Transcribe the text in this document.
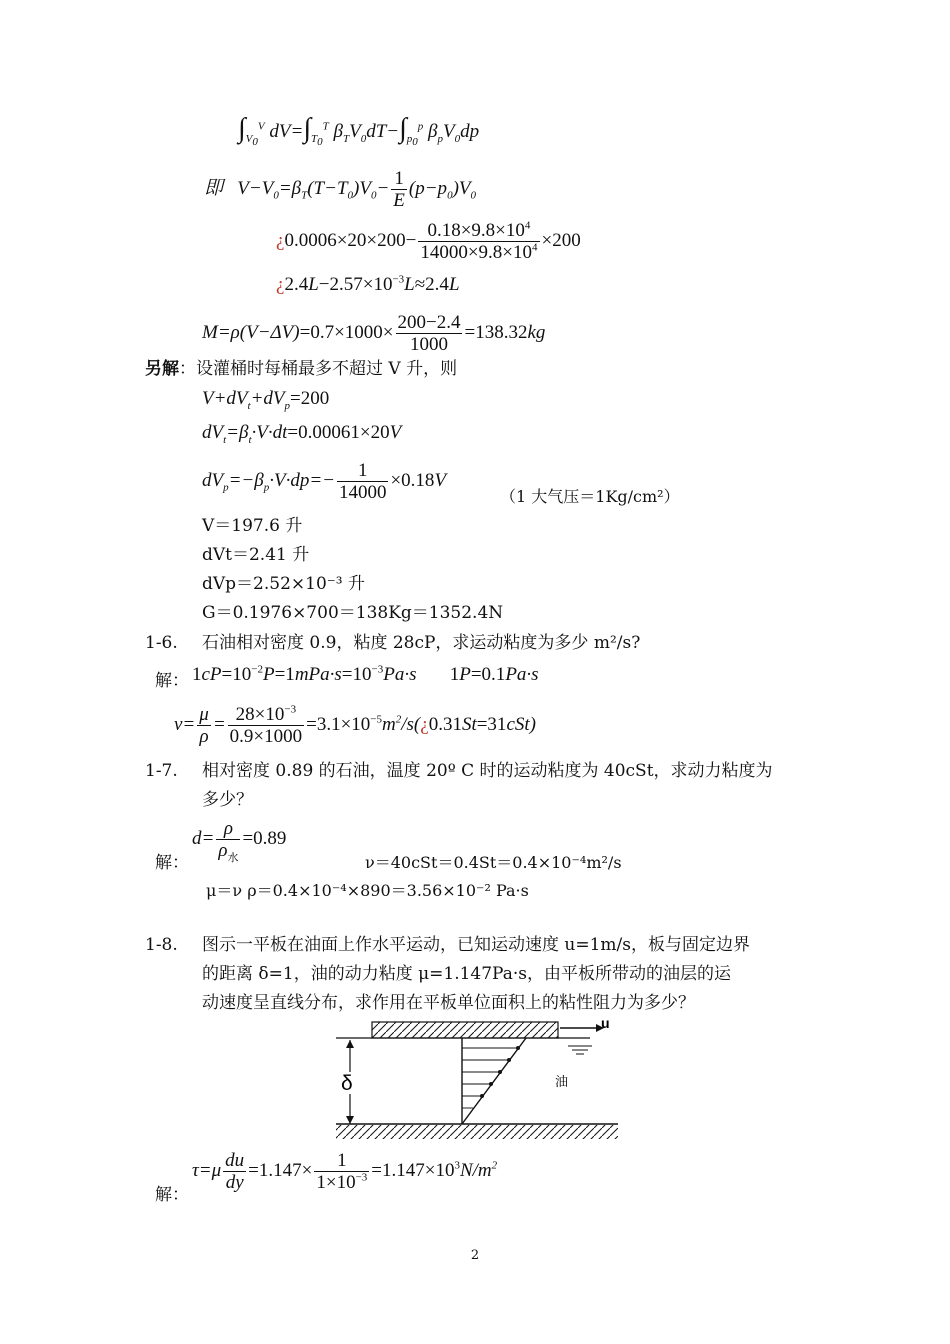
$\int_{V_0}^V$ $dV=\int_{T_0}^T$ $\beta_TV_0dT-\int_{p_0}^p$ $\beta_pV_0dp$
即   $V-V_0=\beta_T(T-T_0)V_0- \frac{1}{E} (p-p_0)V_0$
¿$0.0006\times 20\times 200- \frac{0.18\times 9.8\times 10^4}{14000\times 9.8\times 10^4} \times 200$
¿$2.4L-2.57\times 10^{-3}L\approx 2.4L$
$M=\rho(V-\Delta V)=0.7\times 1000\times \frac{200-2.4}{1000} =138.32kg$
另解：设灌桶时每桶最多不超过 V 升，则
$V+dV_t+dV_p=200$
$dV_t=\beta_t\cdot V\cdot dt=0.00061\times 20V$
$dV_p=-\beta_p\cdot V\cdot dp=- \frac{1}{14000} \times 0.18V$
（1 大气压＝1Kg/cm²）
V＝197.6 升
dVt＝2.41 升
dVp＝2.52×10⁻³ 升
G＝0.1976×700＝138Kg＝1352.4N
1-6. 石油相对密度 0.9，粘度 28cP，求运动粘度为多少 m²/s?
解： $1cP=10^{-2}P=1mPa\cdot s=10^{-3}Pa\cdot s$       1P=0.1Pa·s
$v= \frac{\mu}{\rho} = \frac{28\times 10^{-3}}{0.9\times 1000}$ $=3.1\times 10^{-5}m^2/s(¿0.31St=31cSt)$
1-7. 相对密度 0.89 的石油，温度 20º C 时的运动粘度为 40cSt，求动力粘度为
多少？
$d= \frac{\rho}{\rho_水} =0.89$
解：	ν＝40cSt＝0.4St＝0.4×10⁻⁴m²/s
μ＝ν ρ＝0.4×10⁻⁴×890＝3.56×10⁻² Pa·s
1-8. 图示一平板在油面上作水平运动，已知运动速度 u=1m/s，板与固定边界
的距离 δ=1，油的动力粘度 μ=1.147Pa·s，由平板所带动的油层的运
动速度呈直线分布，求作用在平板单位面积上的粘性阻力为多少？
u
δ	油
$\tau=\mu \frac{du}{dy} =1.147\times \frac{1}{1\times 10^{-3}} =1.147\times 10^3N/m^2$
解：
2
